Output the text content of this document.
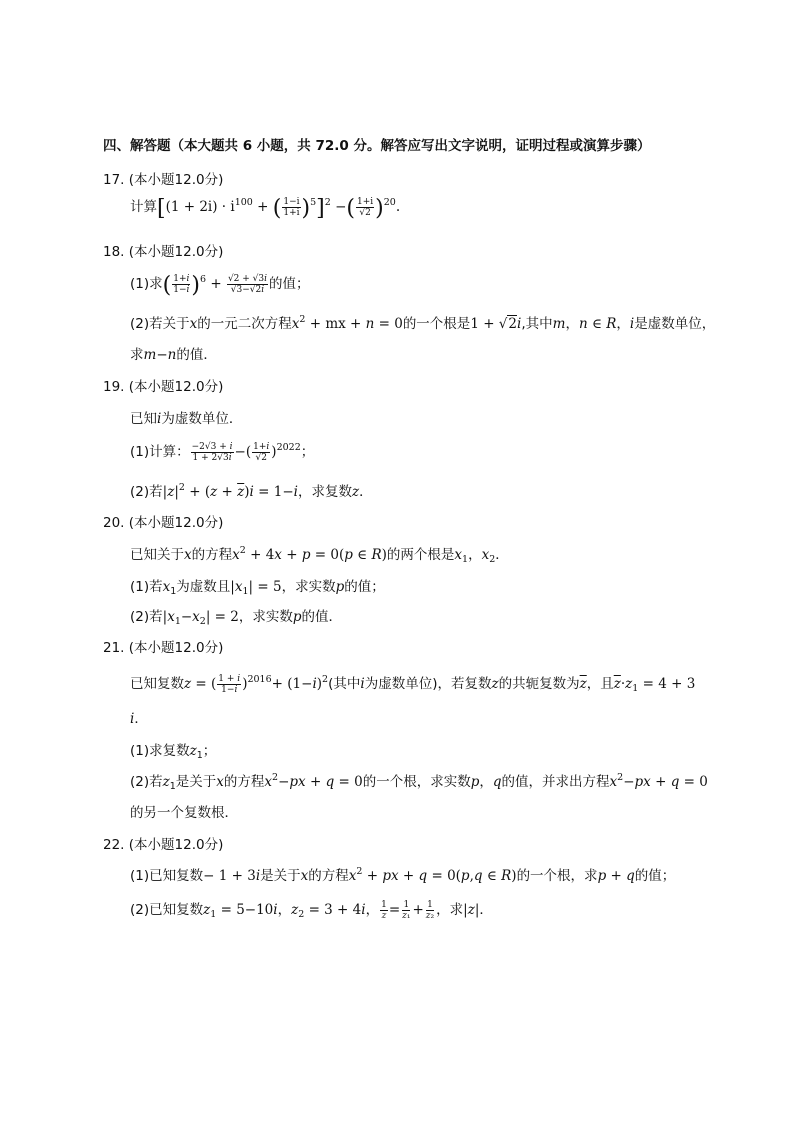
四、解答题（本大题共 6 小题，共 72.0 分。解答应写出文字说明，证明过程或演算步骤）
17. (本小题12.0分)
计算[$(1 + 2i) \cdot i^{100}$ + ( $\frac{1-i}{1+i} )^5]^2$ −( $\frac{1+i}{√2} )^{20}$.
18. (本小题12.0分)
(1)求( $\frac{1+i}{1-i} )^6 + \frac{√2 + √3i}{√3-√2i}$ 的值；
(2)若关于x的一元二次方程$x^2$ + mx + n = 0的一个根是1 + √2i,其中m，n ∈ R，i是虚数单位，
求m−n的值．
19. (本小题12.0分)
已知i为虚数单位．
(1)计算： $\frac{-2√3 + i}{1 + 2√3i}$ −( $\frac{1+i}{√2} )^{2022}$；
(2)若$|z|^2 + (z + \overline{z})i = 1-i$，求复数z．
20. (本小题12.0分)
已知关于x的方程$x^2 + 4x + p = 0(p$ ∈ R)的两个根是$x_1$，$x_2$．
(1)若$x_1$为虚数且$|x_1| = 5$，求实数p的值；
(2)若$|x_1-x_2| = 2$，求实数p的值．
21. (本小题12.0分)
已知复数z = ( $\frac{1 + i}{1-i} )^{2016}+ (1-i)^2$(其中i为虚数单位)，若复数z的共轭复数为$\overline{z}$，且$\overline{z}\cdot z_1 = 4 + 3$
i．
(1)求复数$z_1$；
(2)若$z_1$是关于x的方程$x^2-px + q = 0$的一个根，求实数p，q的值，并求出方程$x^2-px + q = 0$
的另一个复数根．
22. (本小题12.0分)
(1)已知复数− 1 + 3i是关于x的方程$x^2$ + px + q = 0(p,q ∈ R)的一个根，求p + q的值；
(2)已知复数$z_1 = 5-10i$，$z_2 = 3 + 4i$， $\frac{1}{z} = \frac{1}{\text{z₁}} + \frac{1}{\text{z₂}}$ ，求|z|．
